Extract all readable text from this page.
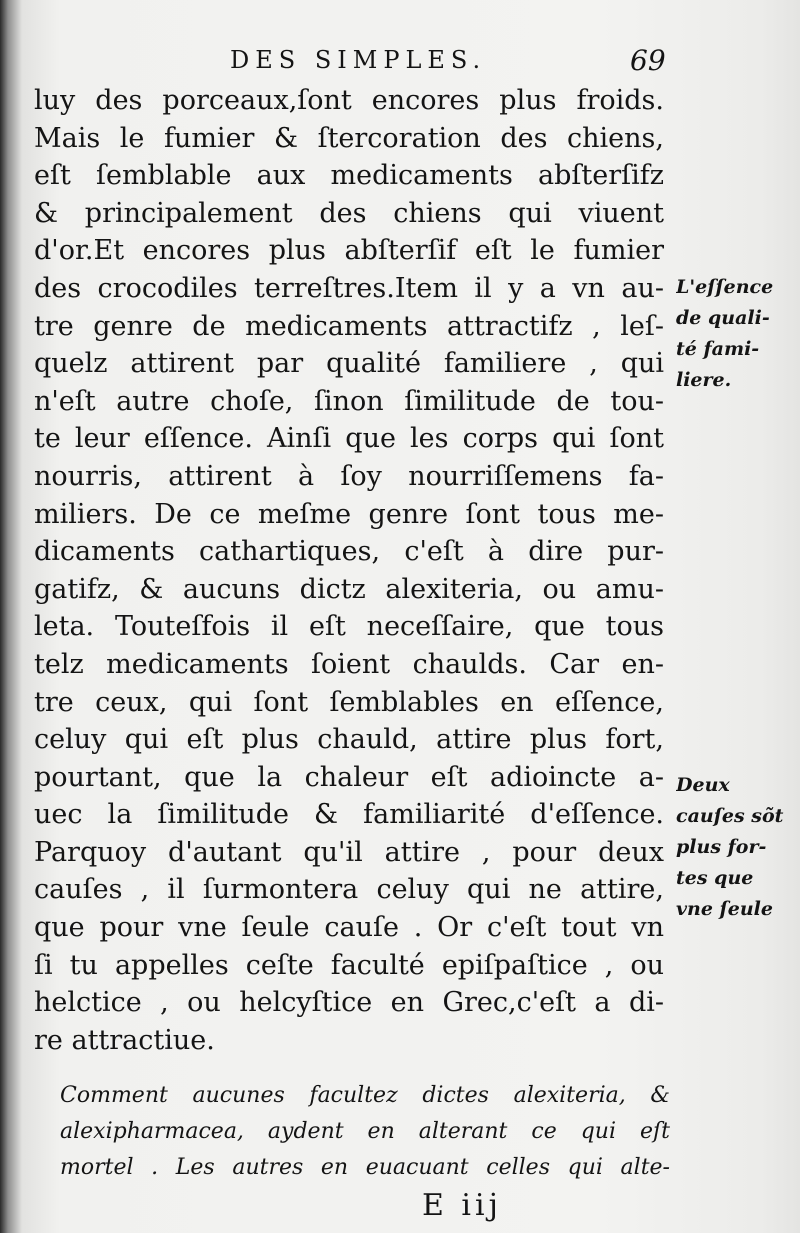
DES SIMPLES.	69
luy des porceaux,ſont encores plus froids.
Mais le fumier & ſtercoration des chiens,
eſt ſemblable aux medicaments abſterſifz
& principalement des chiens qui viuent
d'or.Et encores plus abſterſif eſt le fumier
des crocodiles terreſtres.Item il y a vn au-
tre genre de medicaments attractifz , leſ-
quelz attirent par qualité familiere , qui
n'eſt autre choſe, ſinon ſimilitude de tou-
te leur eſſence. Ainſi que les corps qui ſont
nourris, attirent à ſoy nourriſſemens fa-
miliers. De ce meſme genre ſont tous me-
dicaments cathartiques, c'eſt à dire pur-
gatifz, & aucuns dictz alexiteria, ou amu-
leta. Touteſfois il eſt neceſſaire, que tous
telz medicaments ſoient chaulds. Car en-
tre ceux, qui ſont ſemblables en eſſence,
celuy qui eſt plus chauld, attire plus fort,
pourtant, que la chaleur eſt adioincte a-
uec la ſimilitude & familiarité d'eſſence.
Parquoy d'autant qu'il attire , pour deux
cauſes , il ſurmontera celuy qui ne attire,
que pour vne ſeule cauſe . Or c'eſt tout vn
ſi tu appelles ceſte faculté epiſpaſtice , ou
helctice , ou helcyſtice en Grec,c'eſt a di-
re attractiue.
L'eſſence
de quali-
té fami-
liere.
Deux
cauſes sõt
plus for-
tes que
vne ſeule
Comment aucunes facultez dictes alexiteria, &
alexipharmacea, aydent en alterant ce qui eſt
mortel . Les autres en euacuant celles qui alte-
E iij
